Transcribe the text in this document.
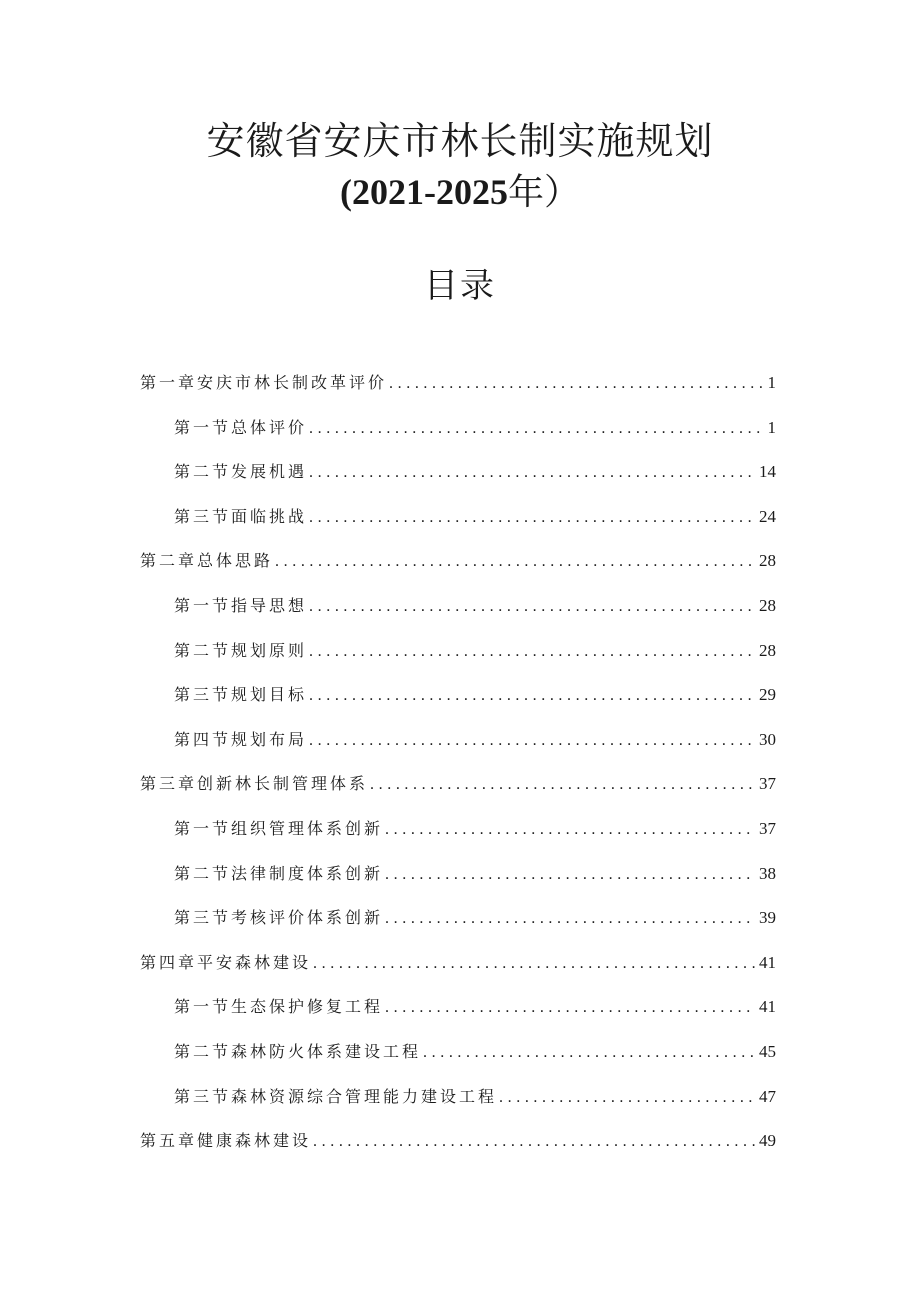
安徽省安庆市林长制实施规划
(2021-2025年）
目录
第一章安庆市林长制改革评价 .....	1
第一节总体评价 .....	1
第二节发展机遇 .....	14
第三节面临挑战 .....	24
第二章总体思路 .....	28
第一节指导思想 .....	28
第二节规划原则 .....	28
第三节规划目标 .....	29
第四节规划布局 .....	30
第三章创新林长制管理体系 .....	37
第一节组织管理体系创新 .....	37
第二节法律制度体系创新 .....	38
第三节考核评价体系创新 .....	39
第四章平安森林建设 .....	41
第一节生态保护修复工程 .....	41
第二节森林防火体系建设工程 .....	45
第三节森林资源综合管理能力建设工程 .....	47
第五章健康森林建设 .....	49
